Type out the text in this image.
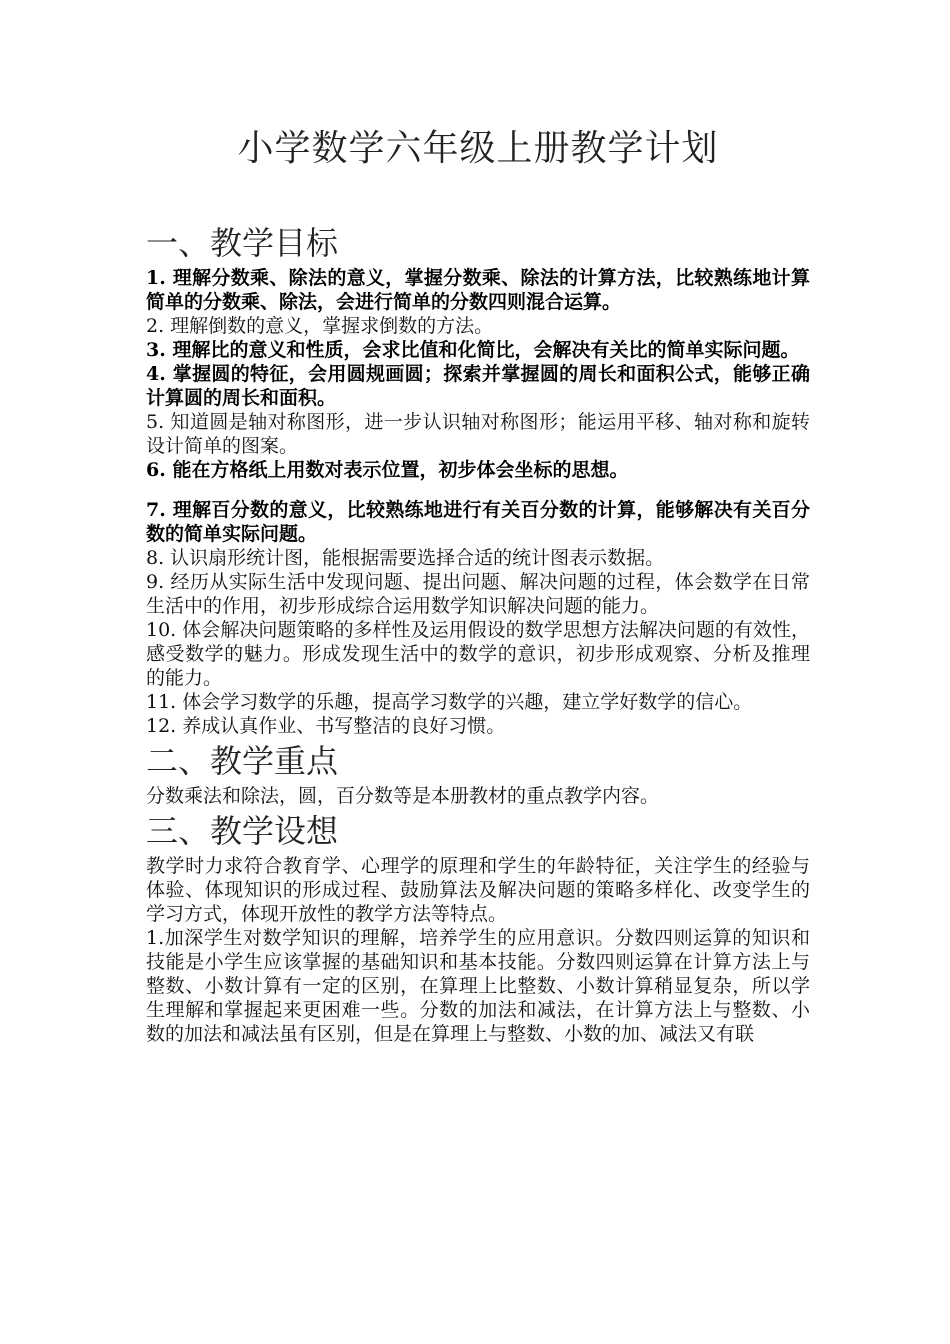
小学数学六年级上册教学计划
一、教学目标

1. 理解分数乘、除法的意义，掌握分数乘、除法的计算方法，比较熟练地计算简单的分数乘、除法，会进行简单的分数四则混合运算。

2. 理解倒数的意义，掌握求倒数的方法。

3. 理解比的意义和性质，会求比值和化简比，会解决有关比的简单实际问题。

4. 掌握圆的特征，会用圆规画圆；探索并掌握圆的周长和面积公式，能够正确计算圆的周长和面积。

5. 知道圆是轴对称图形，进一步认识轴对称图形；能运用平移、轴对称和旋转设计简单的图案。

6. 能在方格纸上用数对表示位置，初步体会坐标的思想。

7. 理解百分数的意义，比较熟练地进行有关百分数的计算，能够解决有关百分数的简单实际问题。

8. 认识扇形统计图，能根据需要选择合适的统计图表示数据。

9. 经历从实际生活中发现问题、提出问题、解决问题的过程，体会数学在日常生活中的作用，初步形成综合运用数学知识解决问题的能力。

10. 体会解决问题策略的多样性及运用假设的数学思想方法解决问题的有效性，感受数学的魅力。形成发现生活中的数学的意识，初步形成观察、分析及推理的能力。

11. 体会学习数学的乐趣，提高学习数学的兴趣，建立学好数学的信心。

12. 养成认真作业、书写整洁的良好习惯。

二、教学重点

分数乘法和除法，圆，百分数等是本册教材的重点教学内容。

三、教学设想

教学时力求符合教育学、心理学的原理和学生的年龄特征，关注学生的经验与体验、体现知识的形成过程、鼓励算法及解决问题的策略多样化、改变学生的学习方式，体现开放性的教学方法等特点。

1.加深学生对数学知识的理解，培养学生的应用意识。分数四则运算的知识和技能是小学生应该掌握的基础知识和基本技能。分数四则运算在计算方法上与整数、小数计算有一定的区别，在算理上比整数、小数计算稍显复杂，所以学生理解和掌握起来更困难一些。分数的加法和减法，在计算方法上与整数、小数的加法和减法虽有区别，但是在算理上与整数、小数的加、减法又有联
